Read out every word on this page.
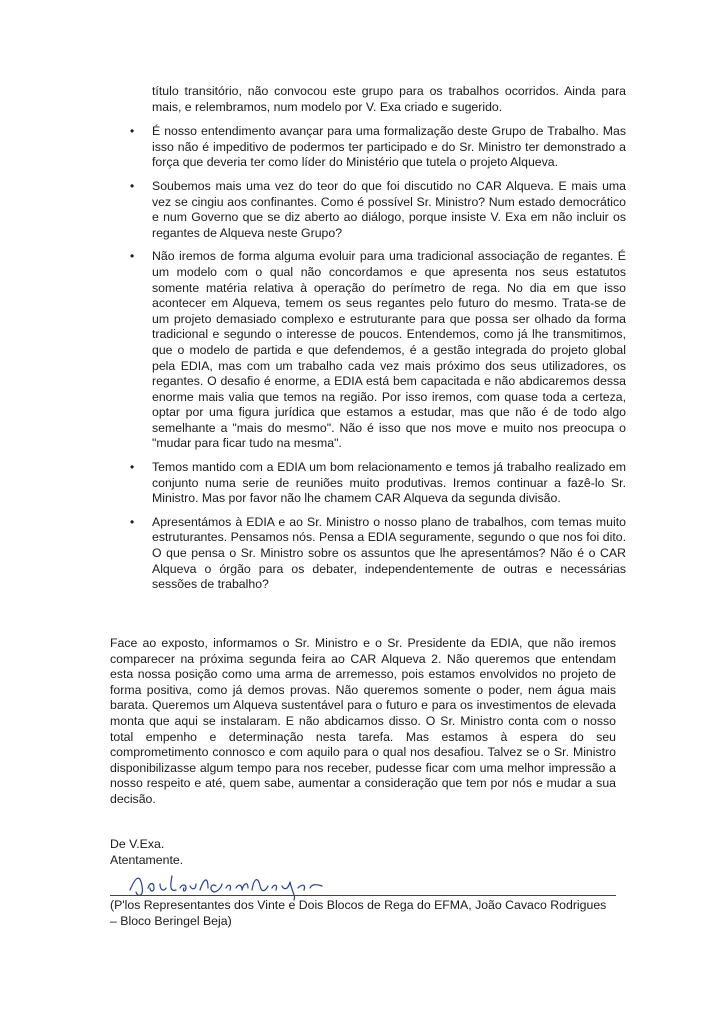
título transitório, não convocou este grupo para os trabalhos ocorridos. Ainda para mais, e relembramos, num modelo por V. Exa criado e sugerido.
• É nosso entendimento avançar para uma formalização deste Grupo de Trabalho. Mas isso não é impeditivo de podermos ter participado e do Sr. Ministro ter demonstrado a força que deveria ter como líder do Ministério que tutela o projeto Alqueva.
• Soubemos mais uma vez do teor do que foi discutido no CAR Alqueva. E mais uma vez se cingiu aos confinantes. Como é possível Sr. Ministro? Num estado democrático e num Governo que se diz aberto ao diálogo, porque insiste V. Exa em não incluir os regantes de Alqueva neste Grupo?
• Não iremos de forma alguma evoluir para uma tradicional associação de regantes. É um modelo com o qual não concordamos e que apresenta nos seus estatutos somente matéria relativa à operação do perímetro de rega. No dia em que isso acontecer em Alqueva, temem os seus regantes pelo futuro do mesmo. Trata-se de um projeto demasiado complexo e estruturante para que possa ser olhado da forma tradicional e segundo o interesse de poucos. Entendemos, como já lhe transmitimos, que o modelo de partida e que defendemos, é a gestão integrada do projeto global pela EDIA, mas com um trabalho cada vez mais próximo dos seus utilizadores, os regantes. O desafio é enorme, a EDIA está bem capacitada e não abdicaremos dessa enorme mais valia que temos na região. Por isso iremos, com quase toda a certeza, optar por uma figura jurídica que estamos a estudar, mas que não é de todo algo semelhante a "mais do mesmo". Não é isso que nos move e muito nos preocupa o "mudar para ficar tudo na mesma".
• Temos mantido com a EDIA um bom relacionamento e temos já trabalho realizado em conjunto numa serie de reuniões muito produtivas. Iremos continuar a fazê-lo Sr. Ministro. Mas por favor não lhe chamem CAR Alqueva da segunda divisão.
• Apresentámos à EDIA e ao Sr. Ministro o nosso plano de trabalhos, com temas muito estruturantes. Pensamos nós. Pensa a EDIA seguramente, segundo o que nos foi dito. O que pensa o Sr. Ministro sobre os assuntos que lhe apresentámos? Não é o CAR Alqueva o órgão para os debater, independentemente de outras e necessárias sessões de trabalho?

Face ao exposto, informamos o Sr. Ministro e o Sr. Presidente da EDIA, que não iremos comparecer na próxima segunda feira ao CAR Alqueva 2. Não queremos que entendam esta nossa posição como uma arma de arremesso, pois estamos envolvidos no projeto de forma positiva, como já demos provas. Não queremos somente o poder, nem água mais barata. Queremos um Alqueva sustentável para o futuro e para os investimentos de elevada monta que aqui se instalaram. E não abdicamos disso. O Sr. Ministro conta com o nosso total empenho e determinação nesta tarefa. Mas estamos à espera do seu comprometimento connosco e com aquilo para o qual nos desafiou. Talvez se o Sr. Ministro disponibilizasse algum tempo para nos receber, pudesse ficar com uma melhor impressão a nosso respeito e até, quem sabe, aumentar a consideração que tem por nós e mudar a sua decisão.

De V.Exa.
Atentamente.
(P'los Representantes dos Vinte e Dois Blocos de Rega do EFMA, João Cavaco Rodrigues – Bloco Beringel Beja)
